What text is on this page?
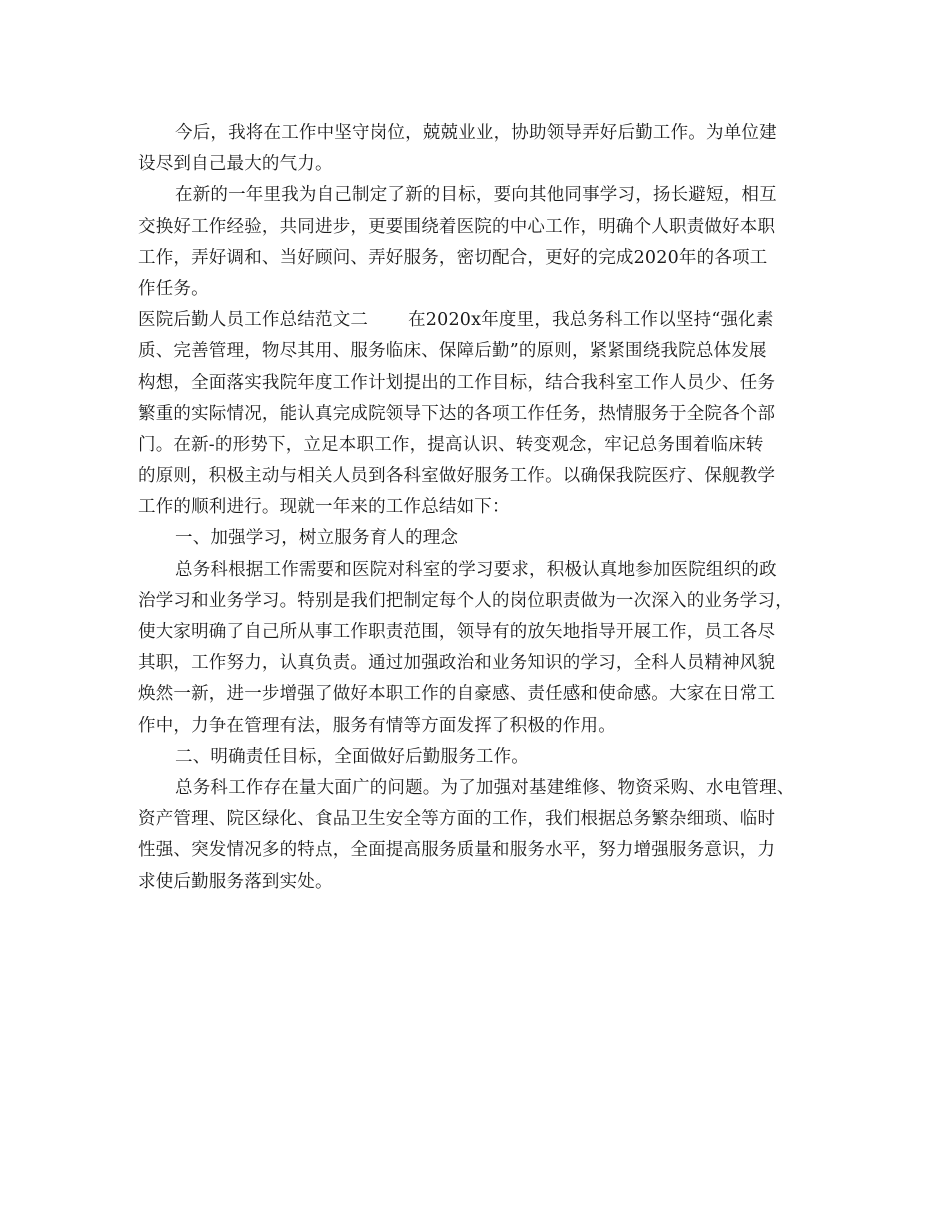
今后，我将在工作中坚守岗位，兢兢业业，协助领导弄好后勤工作。为单位建
设尽到自己最大的气力。
在新的一年里我为自己制定了新的目标，要向其他同事学习，扬长避短，相互
交换好工作经验，共同进步，更要围绕着医院的中心工作，明确个人职责做好本职
工作，弄好调和、当好顾问、弄好服务，密切配合，更好的完成2020年的各项工
作任务。
医院后勤人员工作总结范文二 在2020x年度里，我总务科工作以坚持“强化素
质、完善管理，物尽其用、服务临床、保障后勤”的原则，紧紧围绕我院总体发展
构想，全面落实我院年度工作计划提出的工作目标，结合我科室工作人员少、任务
繁重的实际情况，能认真完成院领导下达的各项工作任务，热情服务于全院各个部
门。在新-的形势下，立足本职工作，提高认识、转变观念，牢记总务围着临床转
的原则，积极主动与相关人员到各科室做好服务工作。以确保我院医疗、保舰教学
工作的顺利进行。现就一年来的工作总结如下：
一、加强学习，树立服务育人的理念
总务科根据工作需要和医院对科室的学习要求，积极认真地参加医院组织的政
治学习和业务学习。特别是我们把制定每个人的岗位职责做为一次深入的业务学习，
使大家明确了自己所从事工作职责范围，领导有的放矢地指导开展工作，员工各尽
其职，工作努力，认真负责。通过加强政治和业务知识的学习，全科人员精神风貌
焕然一新，进一步增强了做好本职工作的自豪感、责任感和使命感。大家在日常工
作中，力争在管理有法，服务有情等方面发挥了积极的作用。
二、明确责任目标，全面做好后勤服务工作。
总务科工作存在量大面广的问题。为了加强对基建维修、物资采购、水电管理、
资产管理、院区绿化、食品卫生安全等方面的工作，我们根据总务繁杂细琐、临时
性强、突发情况多的特点，全面提高服务质量和服务水平，努力增强服务意识，力
求使后勤服务落到实处。
